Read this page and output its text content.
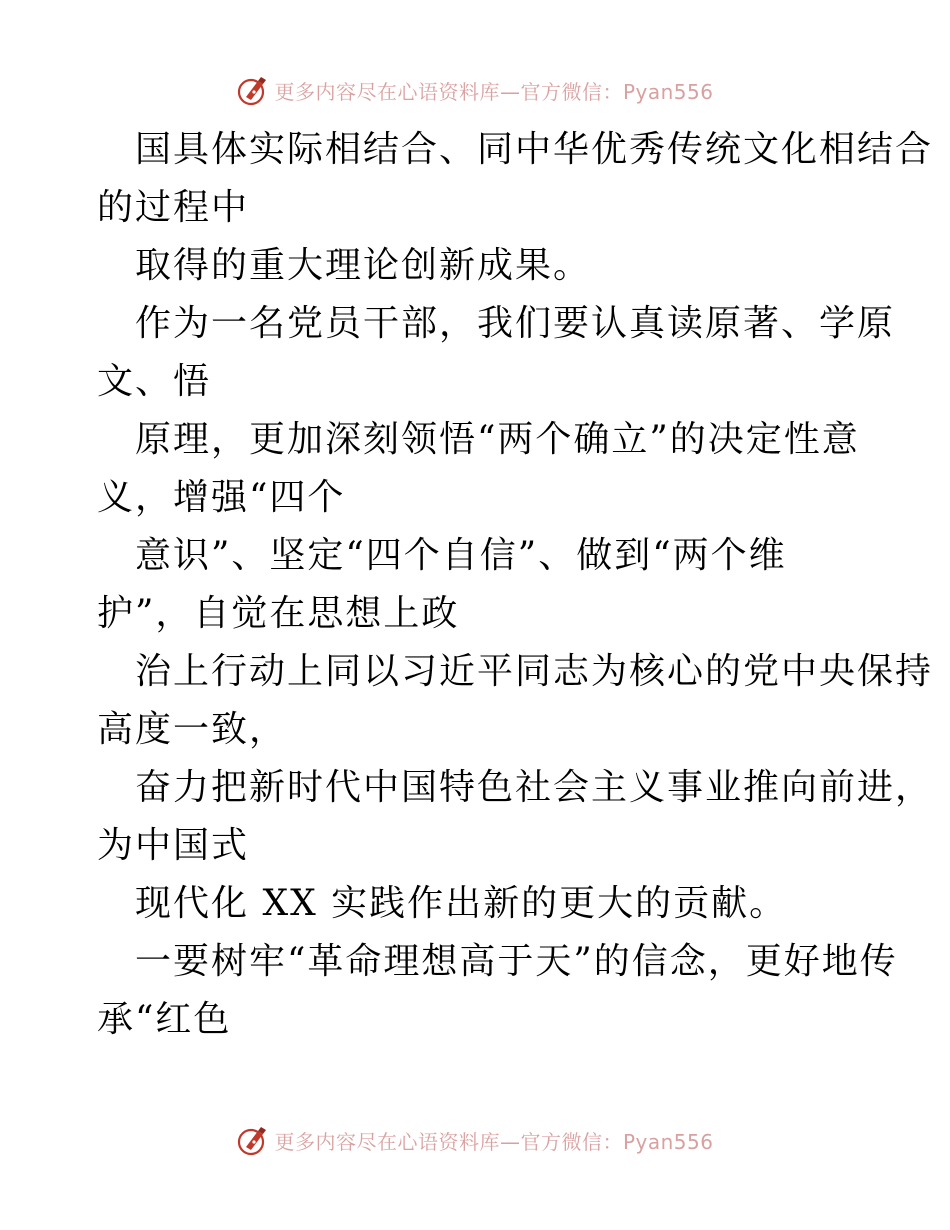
更多内容尽在心语资料库—官方微信：Pyan556
国具体实际相结合、同中华优秀传统文化相结合
的过程中
取得的重大理论创新成果。
作为一名党员干部，我们要认真读原著、学原
文、悟
原理，更加深刻领悟“两个确立”的决定性意
义，增强“四个
意识”、坚定“四个自信”、做到“两个维
护”，自觉在思想上政
治上行动上同以习近平同志为核心的党中央保持
高度一致，
奋力把新时代中国特色社会主义事业推向前进，
为中国式
现代化 XX 实践作出新的更大的贡献。
一要树牢“革命理想高于天”的信念，更好地传
承“红色
更多内容尽在心语资料库—官方微信：Pyan556
